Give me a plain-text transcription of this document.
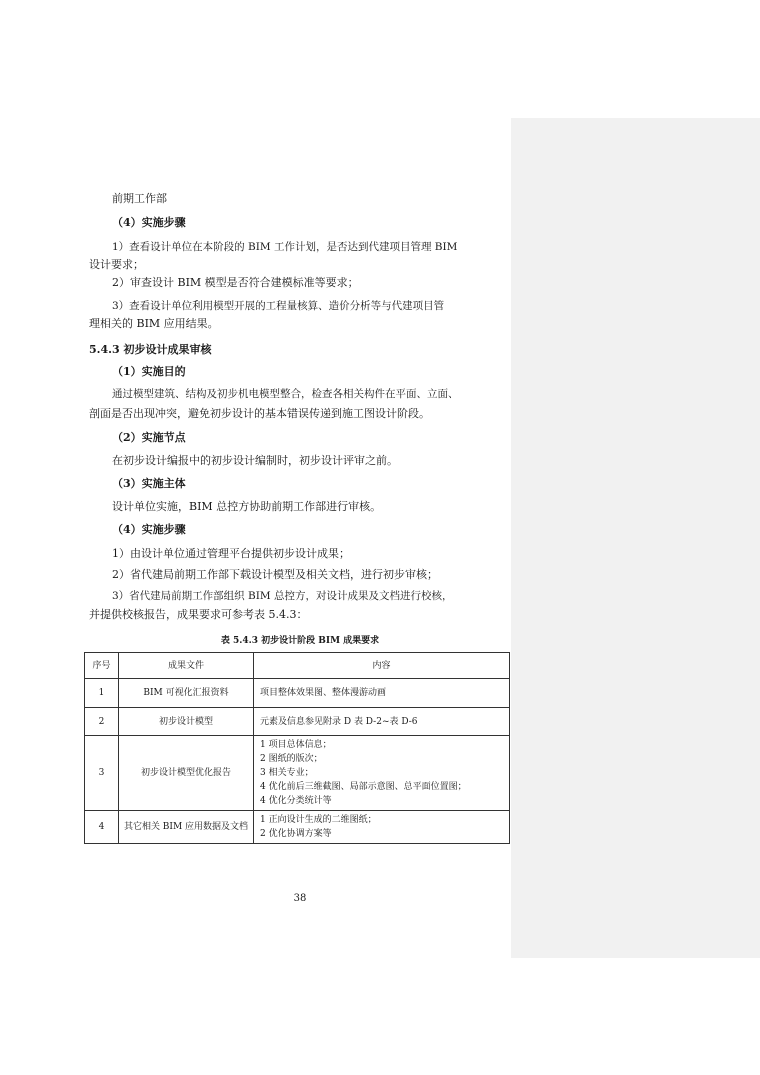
前期工作部
（4）实施步骤
1）查看设计单位在本阶段的 BIM 工作计划，是否达到代建项目管理 BIM
设计要求；
2）审查设计 BIM 模型是否符合建模标准等要求；
3）查看设计单位利用模型开展的工程量核算、造价分析等与代建项目管
理相关的 BIM 应用结果。
5.4.3 初步设计成果审核
（1）实施目的
通过模型建筑、结构及初步机电模型整合，检查各相关构件在平面、立面、
剖面是否出现冲突，避免初步设计的基本错误传递到施工图设计阶段。
（2）实施节点
在初步设计编报中的初步设计编制时，初步设计评审之前。
（3）实施主体
设计单位实施，BIM 总控方协助前期工作部进行审核。
（4）实施步骤
1）由设计单位通过管理平台提供初步设计成果；
2）省代建局前期工作部下载设计模型及相关文档，进行初步审核；
3）省代建局前期工作部组织 BIM 总控方，对设计成果及文档进行校核，
并提供校核报告，成果要求可参考表 5.4.3：
表 5.4.3 初步设计阶段 BIM 成果要求
序号	成果文件	内容
1	BIM 可视化汇报资料	项目整体效果图、整体漫游动画
2	初步设计模型	元素及信息参见附录 D 表 D-2~表 D-6
3	初步设计模型优化报告	1 项目总体信息；
2 图纸的版次；
3 相关专业；
4 优化前后三维截图、局部示意图、总平面位置图；
4 优化分类统计等

4	其它相关 BIM 应用数据及文档	1 正向设计生成的二维图纸；
2 优化协调方案等
38
